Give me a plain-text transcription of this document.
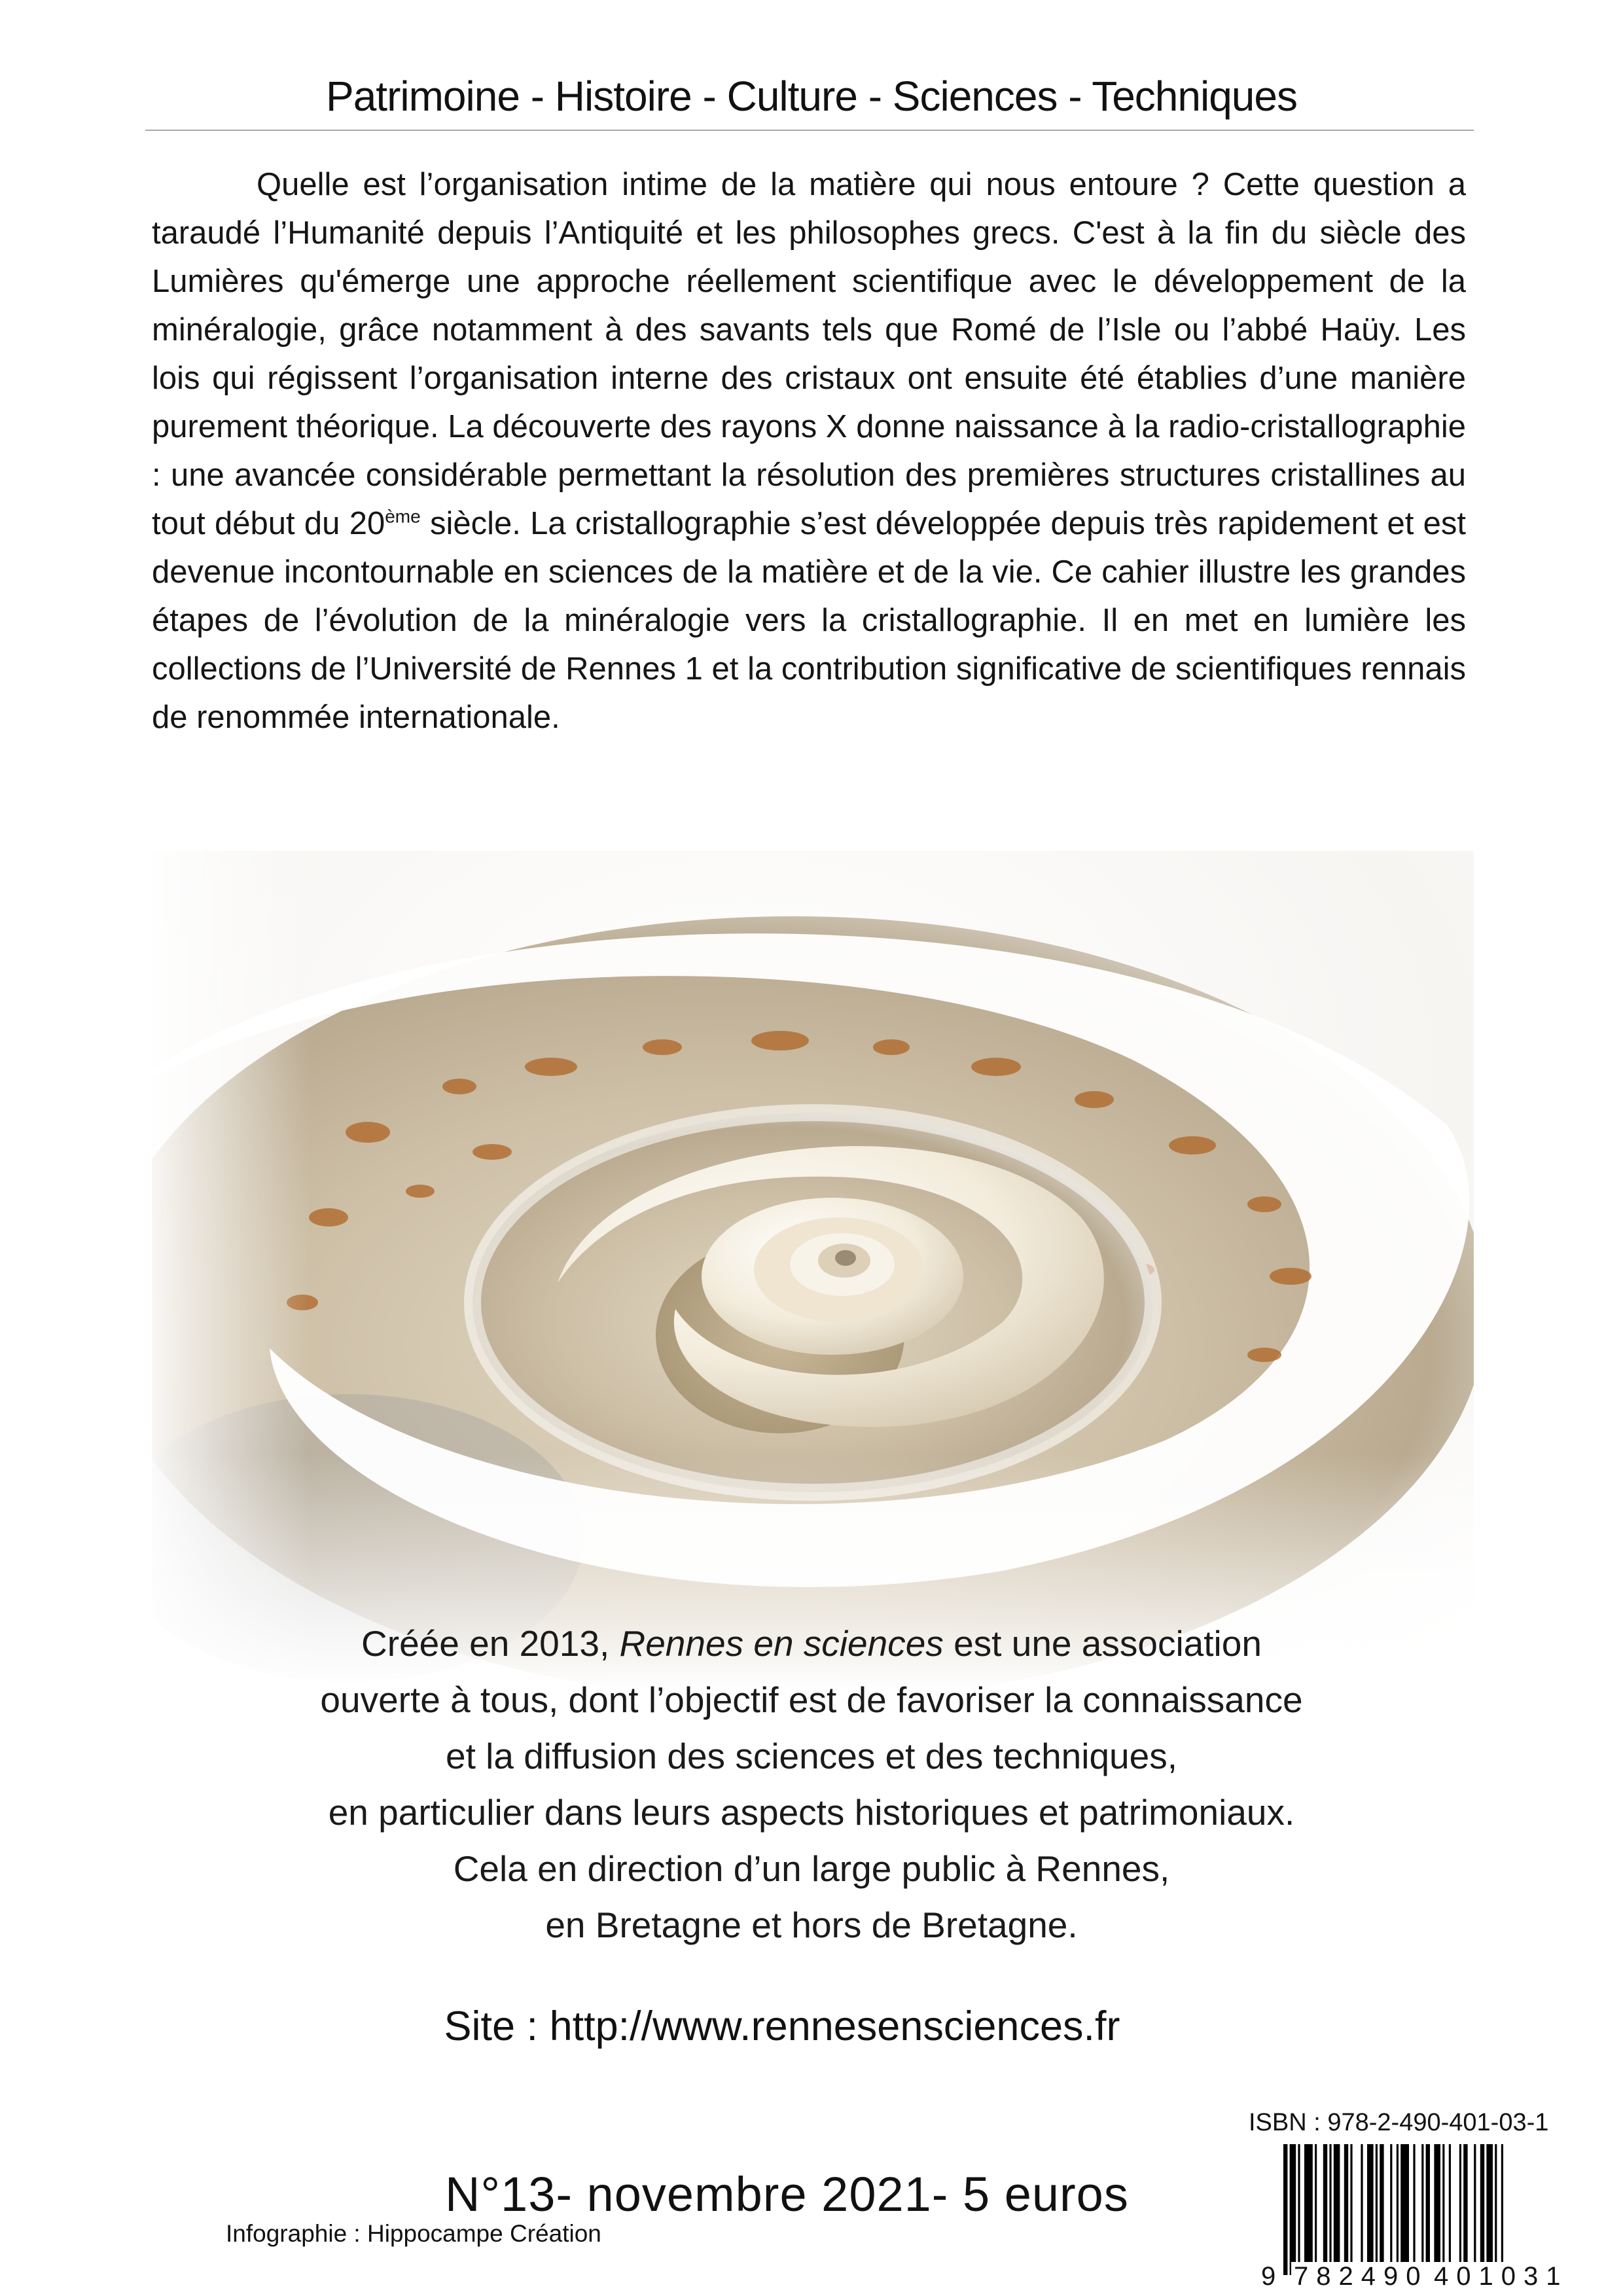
Patrimoine - Histoire - Culture - Sciences - Techniques

Quelle est l’organisation intime de la matière qui nous entoure ? Cette question a taraudé l’Humanité depuis l’Antiquité et les philosophes grecs. C'est à la fin du siècle des Lumières qu'émerge une approche réellement scientifique avec le développement de la minéralogie, grâce notamment à des savants tels que Romé de l’Isle ou l’abbé Haüy. Les lois qui régissent l’organisation interne des cristaux ont ensuite été établies d’une manière purement théorique. La découverte des rayons X donne naissance à la radio-cristallographie : une avancée considérable permettant la résolution des premières structures cristallines au tout début du 20ème siècle. La cristallographie s’est développée depuis très rapidement et est devenue incontournable en sciences de la matière et de la vie. Ce cahier illustre les grandes étapes de l’évolution de la minéralogie vers la cristallographie. Il en met en lumière les collections de l’Université de Rennes 1 et la contribution significative de scientifiques rennais de renommée internationale.

Créée en 2013, Rennes en sciences est une association
ouverte à tous, dont l’objectif est de favoriser la connaissance
et la diffusion des sciences et des techniques,
en particulier dans leurs aspects historiques et patrimoniaux.
Cela en direction d’un large public à Rennes,
en Bretagne et hors de Bretagne.
Site : http://www.rennesensciences.fr
ISBN : 978-2-490-401-03-1
N°13- novembre 2021- 5 euros
Infographie : Hippocampe Création
9 782490 401031
